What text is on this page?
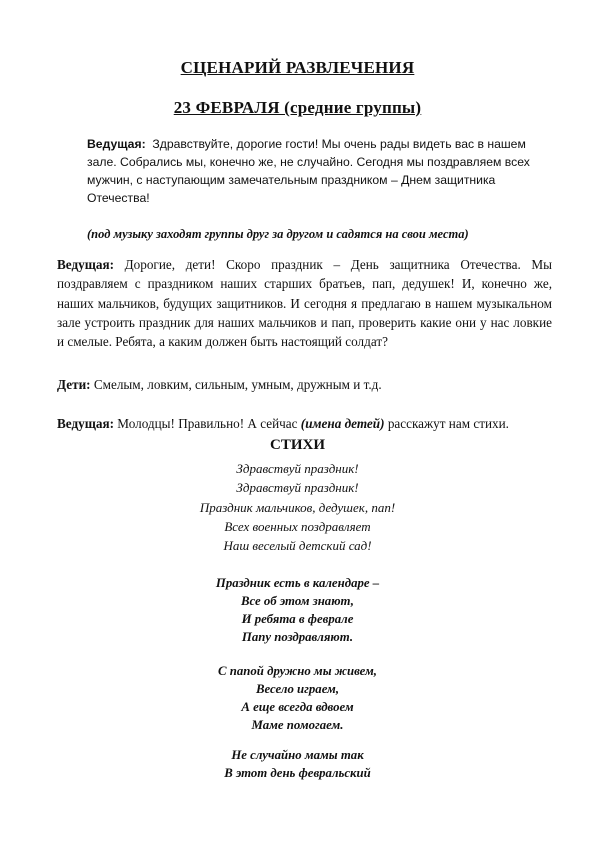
СЦЕНАРИЙ РАЗВЛЕЧЕНИЯ
23 ФЕВРАЛЯ (средние группы)
Ведущая: Здравствуйте, дорогие гости! Мы очень рады видеть вас в нашем зале. Собрались мы, конечно же, не случайно. Сегодня мы поздравляем всех мужчин, с наступающим замечательным праздником – Днем защитника Отечества!
(под музыку заходят группы друг за другом и садятся на свои места)
Ведущая: Дорогие, дети! Скоро праздник – День защитника Отечества. Мы поздравляем с праздником наших старших братьев, пап, дедушек! И, конечно же, наших мальчиков, будущих защитников. И сегодня я предлагаю в нашем музыкальном зале устроить праздник для наших мальчиков и пап, проверить какие они у нас ловкие и смелые. Ребята, а каким должен быть настоящий солдат?
Дети: Смелым, ловким, сильным, умным, дружным и т.д.
Ведущая: Молодцы! Правильно! А сейчас (имена детей) расскажут нам стихи.
СТИХИ
Здравствуй праздник!
Здравствуй праздник!
Праздник мальчиков, дедушек, пап!
Всех военных поздравляет
Наш веселый детский сад!
Праздник есть в календаре –
Все об этом знают,
И ребята в феврале
Папу поздравляют.
С папой дружно мы живем,
Весело играем,
А еще всегда вдвоем
Маме помогаем.
Не случайно мамы так
В этот день февральский
